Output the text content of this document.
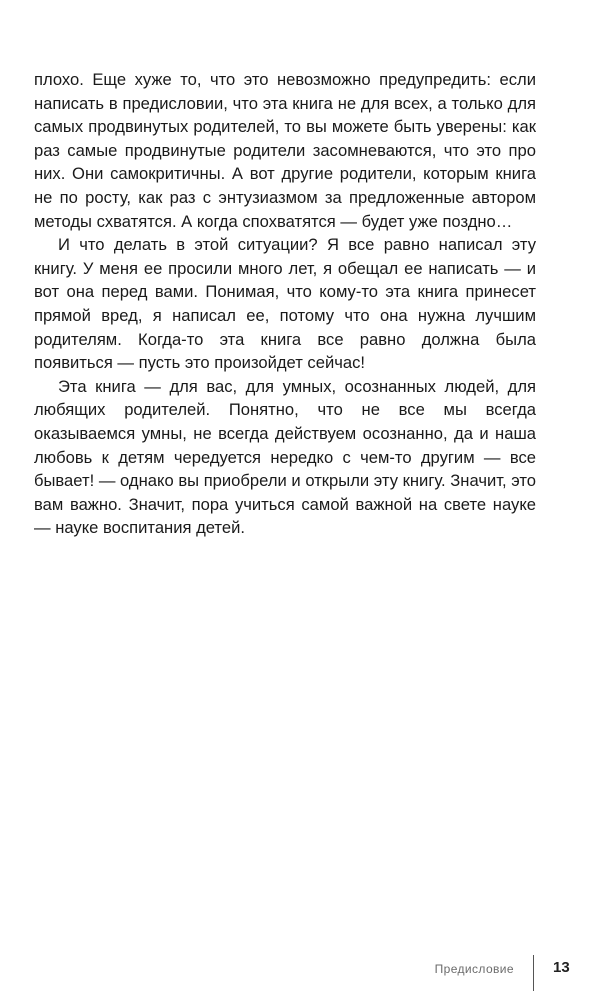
плохо. Еще хуже то, что это невозможно предупредить: если написать в предисловии, что эта книга не для всех, а только для самых продвинутых родителей, то вы можете быть уверены: как раз самые продвинутые родители засомневаются, что это про них. Они самокритичны. А вот другие родители, которым книга не по росту, как раз с энтузиазмом за предложенные автором методы схватятся. А когда спохватятся — будет уже поздно…

И что делать в этой ситуации? Я все равно написал эту книгу. У меня ее просили много лет, я обещал ее написать — и вот она перед вами. Понимая, что кому-то эта книга принесет прямой вред, я написал ее, потому что она нужна лучшим родителям. Когда-то эта книга все равно должна была появиться — пусть это произойдет сейчас!

Эта книга — для вас, для умных, осознанных людей, для любящих родителей. Понятно, что не все мы всегда оказываемся умны, не всегда действуем осознанно, да и наша любовь к детям чередуется нередко с чем-то другим — все бывает! — однако вы приобрели и открыли эту книгу. Значит, это вам важно. Значит, пора учиться самой важной на свете науке — науке воспитания детей.

Предисловие	13
